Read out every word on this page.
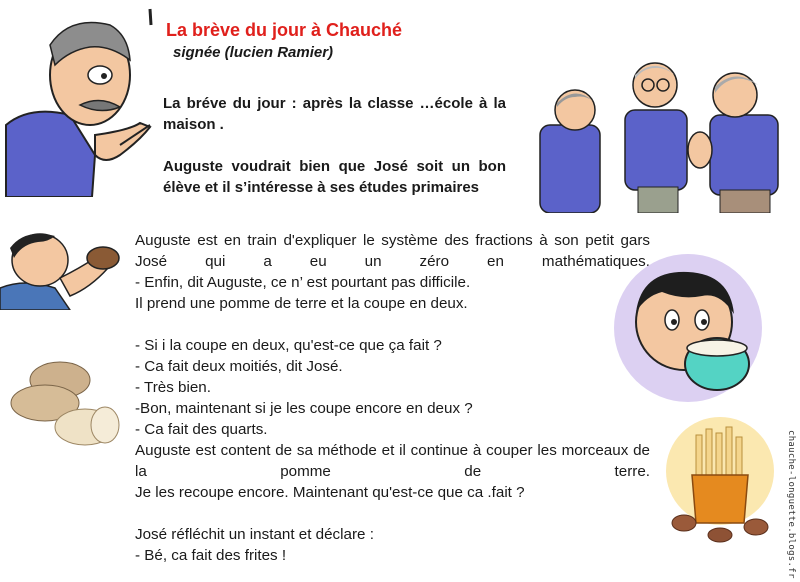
La brève du jour à Chauché
signée (lucien Ramier)

La bréve du jour : après la classe …école à la maison .

Auguste voudrait bien que José soit un bon élève et il s’intéresse à ses études primaires

Auguste est en train d'expliquer le système des fractions à son petit gars José qui a eu un zéro en mathématiques.

- Enfin, dit Auguste, ce n’ est pourtant pas difficile.

Il prend une pomme de terre et la coupe en deux.

- Si i la coupe en deux, qu'est-ce que ça fait ?

- Ca fait deux moitiés, dit José.

- Très bien.

-Bon, maintenant si je les coupe encore en deux ?

- Ca fait des quarts.

Auguste est content de sa méthode et il continue à couper les morceaux de la pomme de terre.

Je les recoupe encore. Maintenant qu'est-ce que ca .fait ?

José réfléchit un instant et déclare :

- Bé, ca fait des frites !	chauche-longuette.blogs.fr
